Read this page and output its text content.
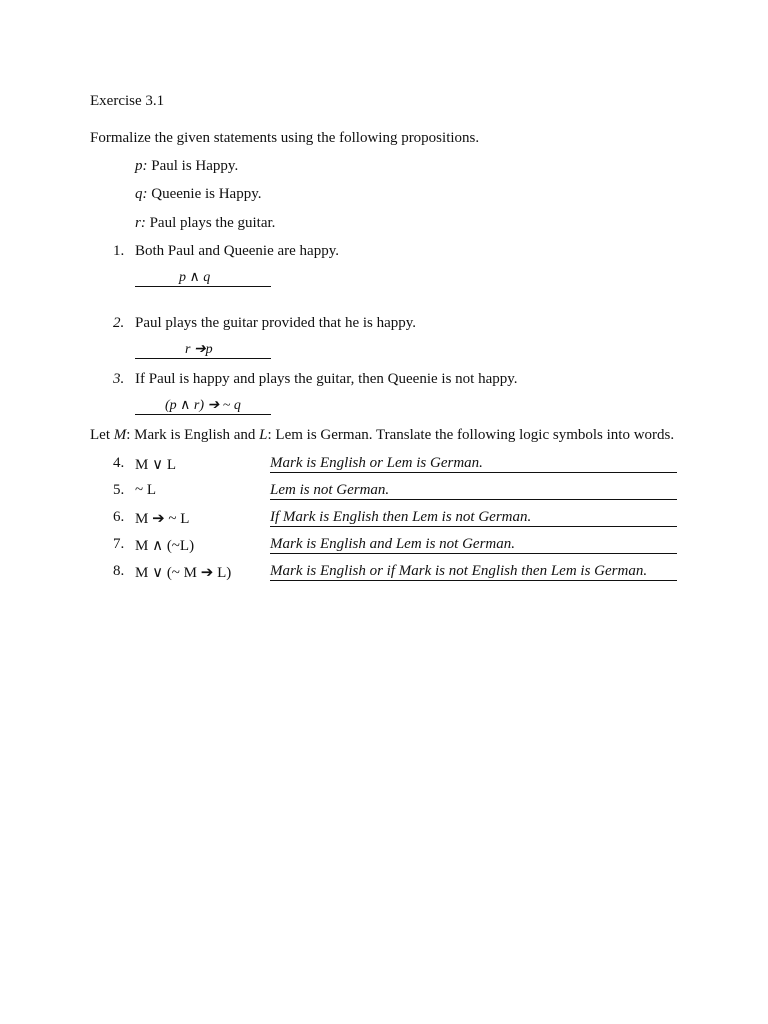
Exercise 3.1
Formalize the given statements using the following propositions.
p: Paul is Happy.
q: Queenie is Happy.
r: Paul plays the guitar.
1. Both Paul and Queenie are happy.
p ∧ q
2. Paul plays the guitar provided that he is happy.
r ➔p
3. If Paul is happy and plays the guitar, then Queenie is not happy.
(p ∧ r) ➔ ~ q
Let M: Mark is English and L: Lem is German. Translate the following logic symbols into words.
4. M ∨ L	Mark is English or Lem is German.
5. ~ L	Lem is not German.
6. M ➔ ~ L	If Mark is English then Lem is not German.
7. M ∧ (~L)	Mark is English and Lem is not German.
8. M ∨ (~ M ➔ L)	Mark is English or if Mark is not English then Lem is German.
